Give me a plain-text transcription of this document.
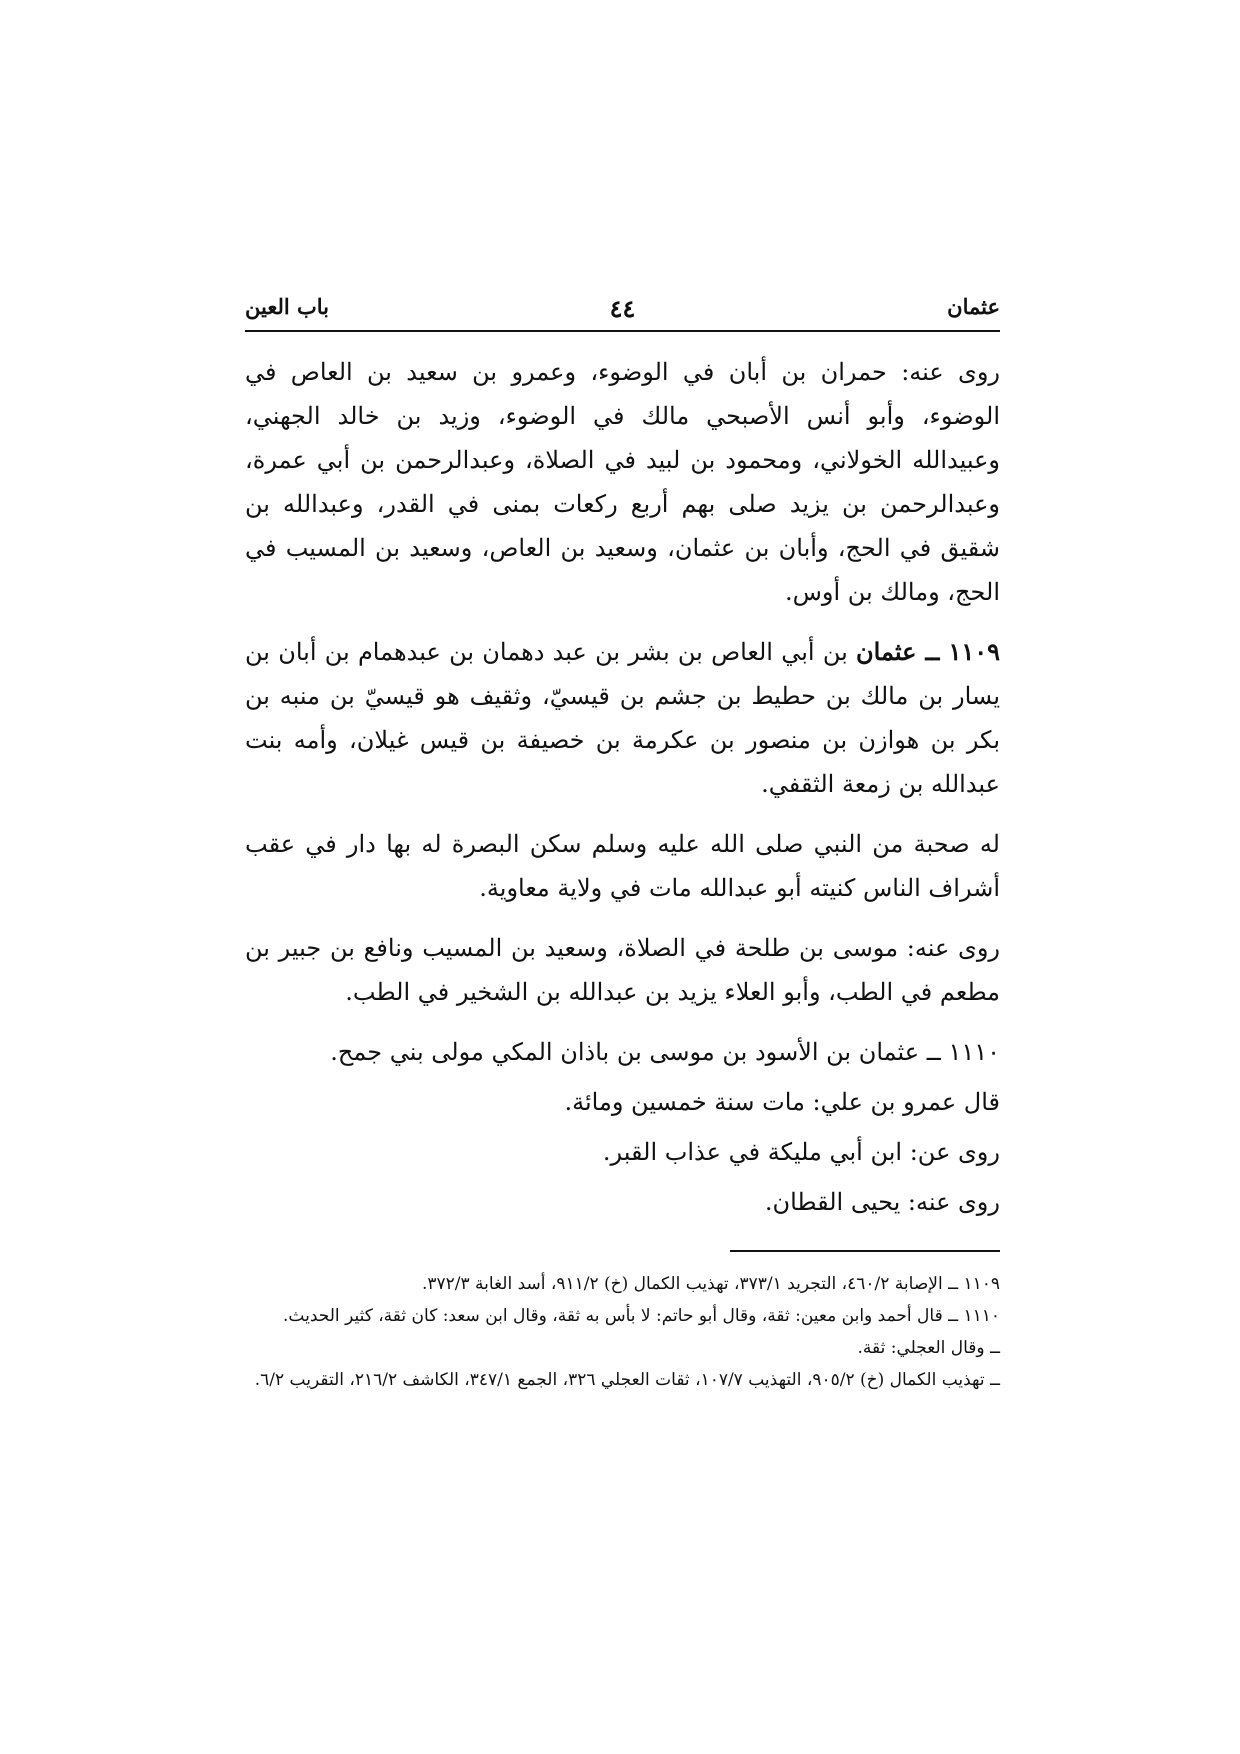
عثمان
٤٤
باب العين

روى عنه: حمران بن أبان في الوضوء، وعمرو بن سعيد بن العاص في الوضوء، وأبو أنس الأصبحي مالك في الوضوء، وزيد بن خالد الجهني، وعبيدالله الخولاني، ومحمود بن لبيد في الصلاة، وعبدالرحمن بن أبي عمرة، وعبدالرحمن بن يزيد صلى بهم أربع ركعات بمنى في القدر، وعبدالله بن شقيق في الحج، وأبان بن عثمان، وسعيد بن العاص، وسعيد بن المسيب في الحج، ومالك بن أوس.

١١٠٩ ــ عثمان بن أبي العاص بن بشر بن عبد دهمان بن عبدهمام بن أبان بن يسار بن مالك بن حطيط بن جشم بن قيسيّ، وثقيف هو قيسيّ بن منبه بن بكر بن هوازن بن منصور بن عكرمة بن خصيفة بن قيس غيلان، وأمه بنت عبدالله بن زمعة الثقفي.

له صحبة من النبي صلى الله عليه وسلم سكن البصرة له بها دار في عقب أشراف الناس كنيته أبو عبدالله مات في ولاية معاوية.

روى عنه: موسى بن طلحة في الصلاة، وسعيد بن المسيب ونافع بن جبير بن مطعم في الطب، وأبو العلاء يزيد بن عبدالله بن الشخير في الطب.

١١١٠ ــ عثمان بن الأسود بن موسى بن باذان المكي مولى بني جمح.

قال عمرو بن علي: مات سنة خمسين ومائة.

روى عن: ابن أبي مليكة في عذاب القبر.

روى عنه: يحيى القطان.

١١٠٩ ــ الإصابة ٤٦٠/٢، التجريد ٣٧٣/١، تهذيب الكمال (خ) ٩١١/٢، أسد الغابة ٣٧٢/٣.

١١١٠ ــ قال أحمد وابن معين: ثقة، وقال أبو حاتم: لا بأس به ثقة، وقال ابن سعد: كان ثقة، كثير الحديث.

ــ وقال العجلي: ثقة.

ــ تهذيب الكمال (خ) ٩٠٥/٢، التهذيب ١٠٧/٧، ثقات العجلي ٣٢٦، الجمع ٣٤٧/١، الكاشف ٢١٦/٢، التقريب ٦/٢.
